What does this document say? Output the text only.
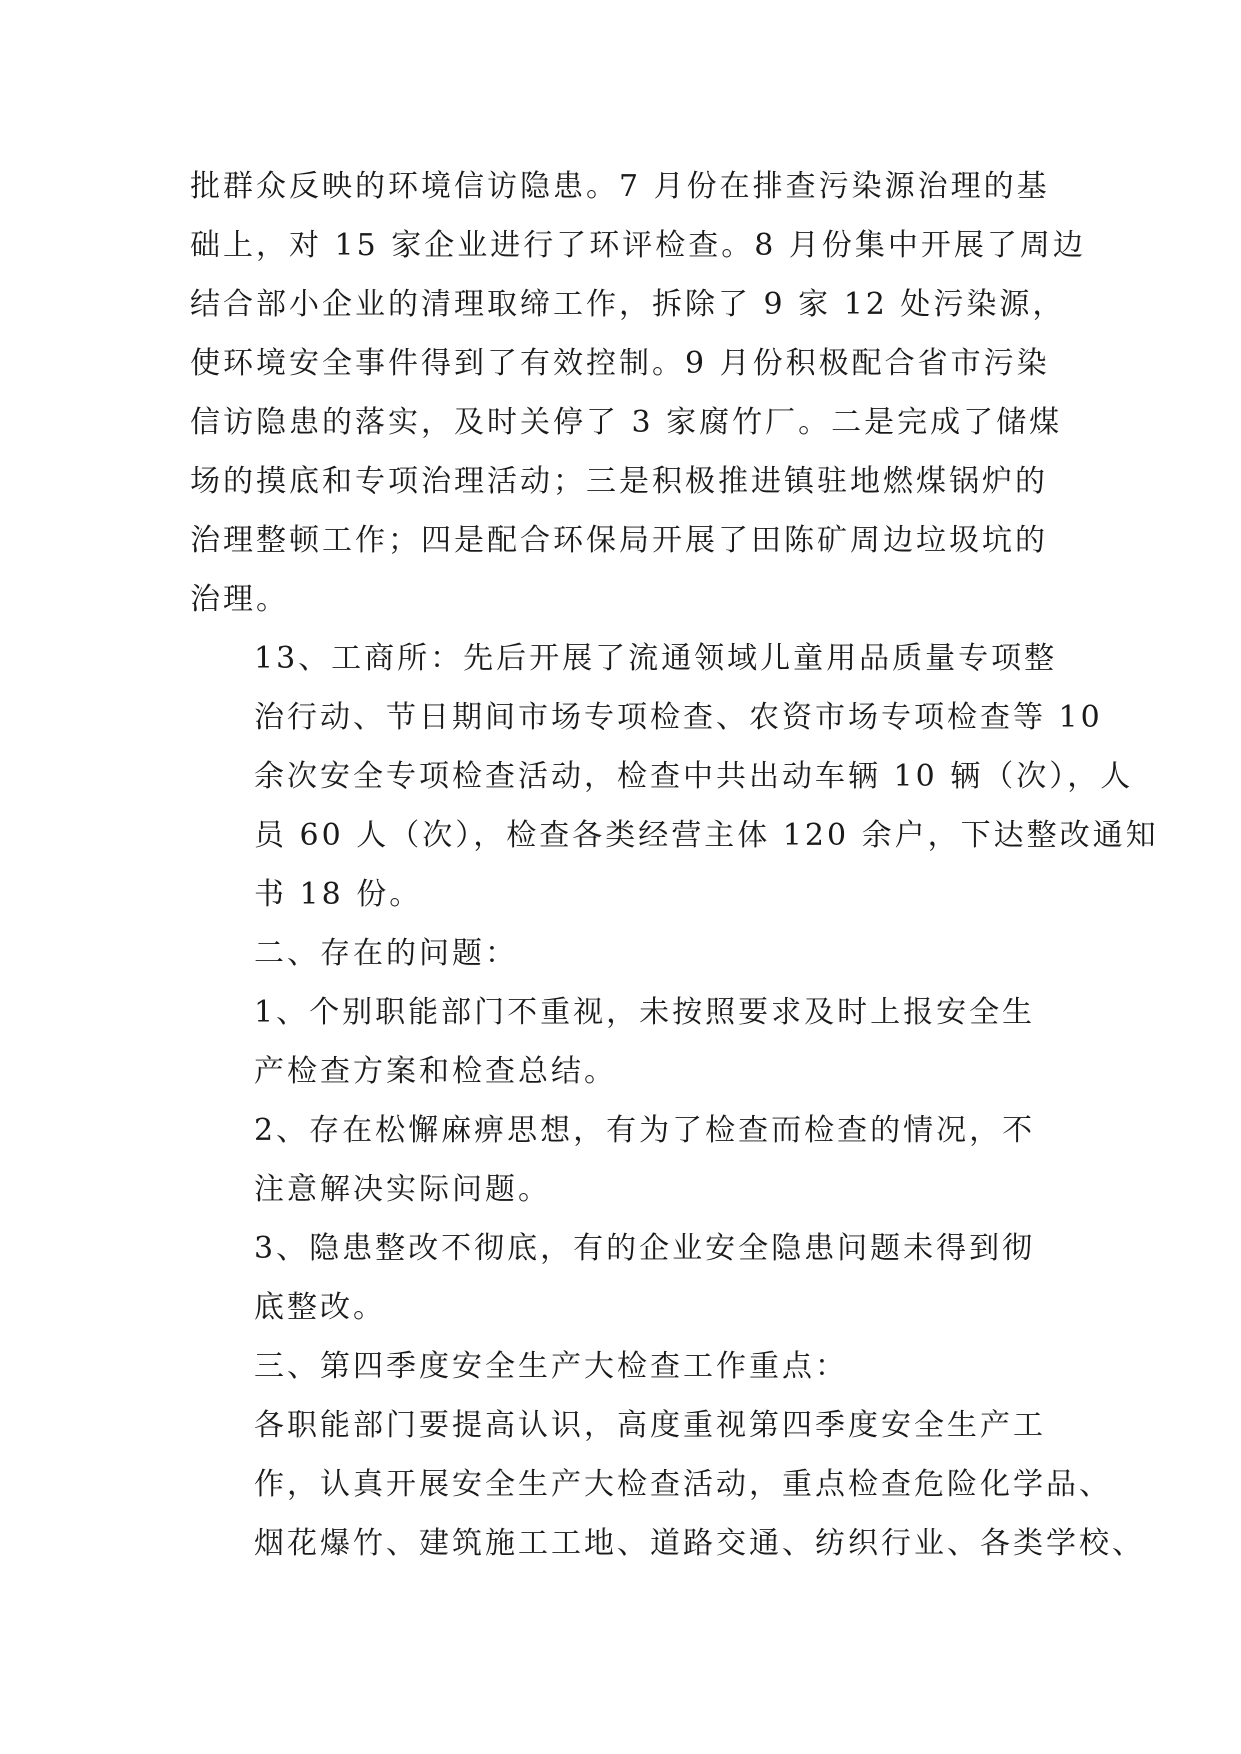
批群众反映的环境信访隐患。7 月份在排查污染源治理的基
础上，对 15 家企业进行了环评检查。8 月份集中开展了周边
结合部小企业的清理取缔工作，拆除了 9 家 12 处污染源，
使环境安全事件得到了有效控制。9 月份积极配合省市污染
信访隐患的落实，及时关停了 3 家腐竹厂。二是完成了储煤
场的摸底和专项治理活动；三是积极推进镇驻地燃煤锅炉的
治理整顿工作；四是配合环保局开展了田陈矿周边垃圾坑的
治理。

13、工商所：先后开展了流通领域儿童用品质量专项整
治行动、节日期间市场专项检查、农资市场专项检查等 10
余次安全专项检查活动，检查中共出动车辆 10 辆（次），人
员 60 人（次），检查各类经营主体 120 余户，下达整改通知
书 18 份。

二、存在的问题：

1、个别职能部门不重视，未按照要求及时上报安全生
产检查方案和检查总结。

2、存在松懈麻痹思想，有为了检查而检查的情况，不
注意解决实际问题。

3、隐患整改不彻底，有的企业安全隐患问题未得到彻
底整改。

三、第四季度安全生产大检查工作重点：

各职能部门要提高认识，高度重视第四季度安全生产工
作，认真开展安全生产大检查活动，重点检查危险化学品、
烟花爆竹、建筑施工工地、道路交通、纺织行业、各类学校、
